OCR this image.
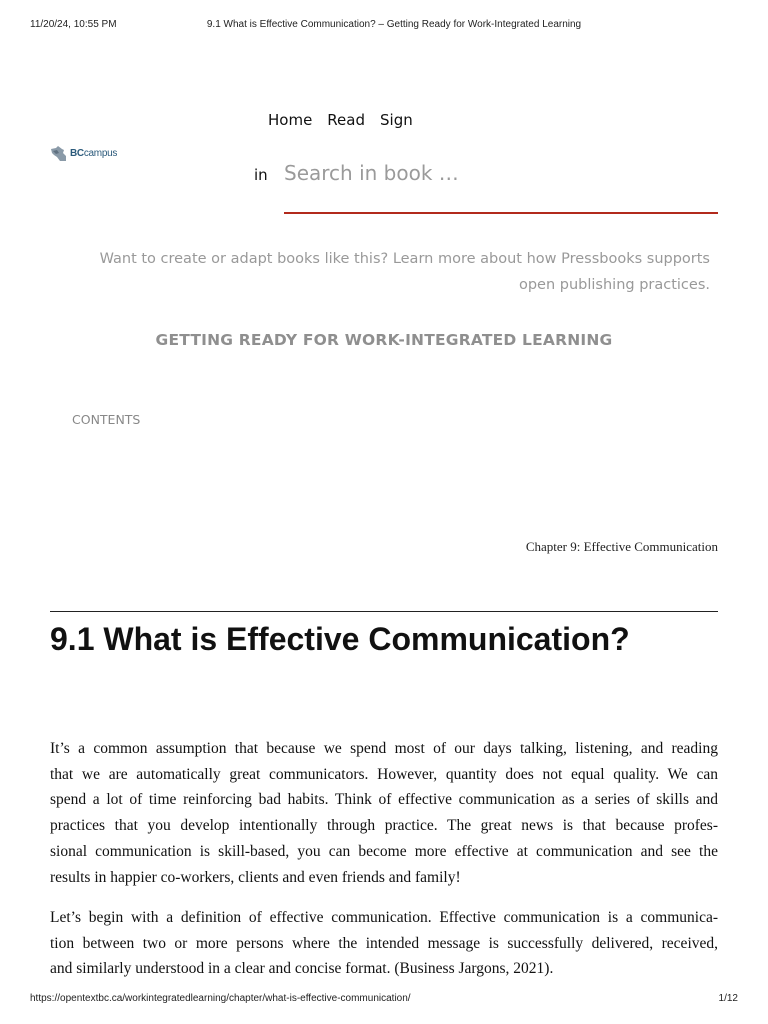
11/20/24, 10:55 PM	9.1 What is Effective Communication? – Getting Ready for Work-Integrated Learning
BCcampus
Home Read Sign
in
Search in book …
Want to create or adapt books like this? Learn more about how Pressbooks supports
open publishing practices.
GETTING READY FOR WORK-INTEGRATED LEARNING
CONTENTS
Chapter 9: Effective Communication
9.1 What is Effective Communication?

It’s a common assumption that because we spend most of our days talking, listening, and reading
that we are automatically great communicators. However, quantity does not equal quality. We can
spend a lot of time reinforcing bad habits. Think of effective communication as a series of skills and
practices that you develop intentionally through practice. The great news is that because profes-
sional communication is skill-based, you can become more effective at communication and see the
results in happier co-workers, clients and even friends and family!

Let’s begin with a definition of effective communication. Effective communication is a communica-
tion between two or more persons where the intended message is successfully delivered, received,
and similarly understood in a clear and concise format. (Business Jargons, 2021).

https://opentextbc.ca/workintegratedlearning/chapter/what-is-effective-communication/	1/12
